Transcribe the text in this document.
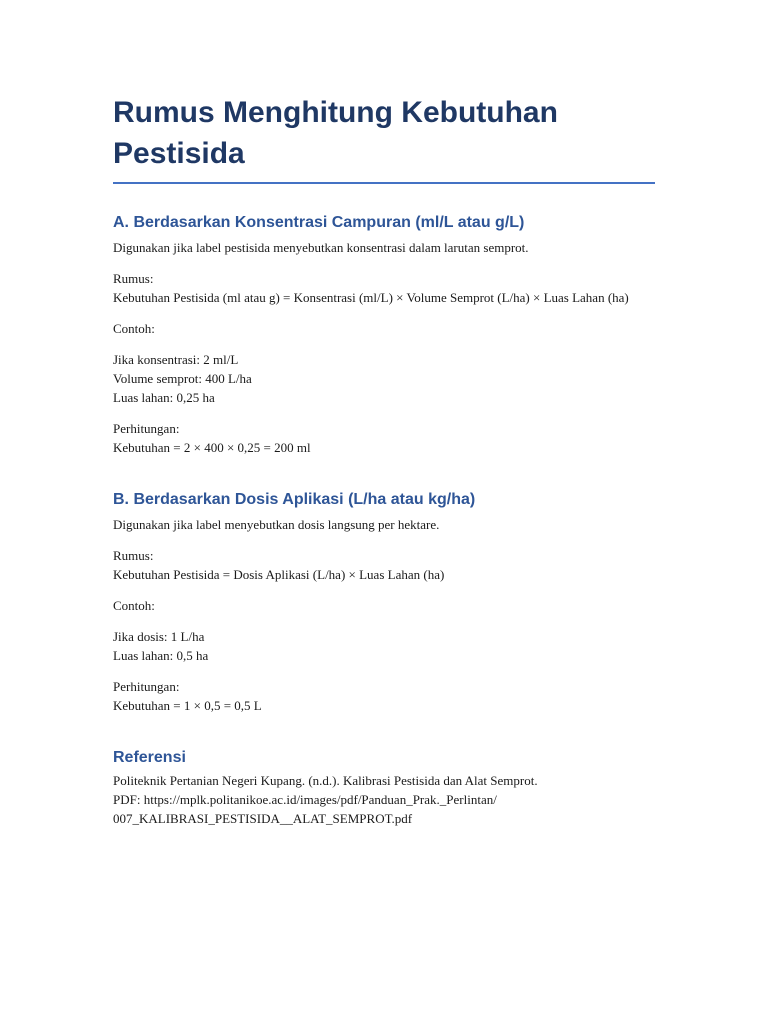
Rumus Menghitung Kebutuhan Pestisida
A. Berdasarkan Konsentrasi Campuran (ml/L atau g/L)

Digunakan jika label pestisida menyebutkan konsentrasi dalam larutan semprot.

Rumus:

Kebutuhan Pestisida (ml atau g) = Konsentrasi (ml/L) × Volume Semprot (L/ha) × Luas Lahan (ha)

Contoh:

Jika konsentrasi: 2 ml/L

Volume semprot: 400 L/ha

Luas lahan: 0,25 ha

Perhitungan:

Kebutuhan = 2 × 400 × 0,25 = 200 ml

B. Berdasarkan Dosis Aplikasi (L/ha atau kg/ha)

Digunakan jika label menyebutkan dosis langsung per hektare.

Rumus:

Kebutuhan Pestisida = Dosis Aplikasi (L/ha) × Luas Lahan (ha)

Contoh:

Jika dosis: 1 L/ha

Luas lahan: 0,5 ha

Perhitungan:

Kebutuhan = 1 × 0,5 = 0,5 L

Referensi

Politeknik Pertanian Negeri Kupang. (n.d.). Kalibrasi Pestisida dan Alat Semprot.

PDF: https://mplk.politanikoe.ac.id/images/pdf/Panduan_Prak._Perlintan/

007_KALIBRASI_PESTISIDA__ALAT_SEMPROT.pdf
